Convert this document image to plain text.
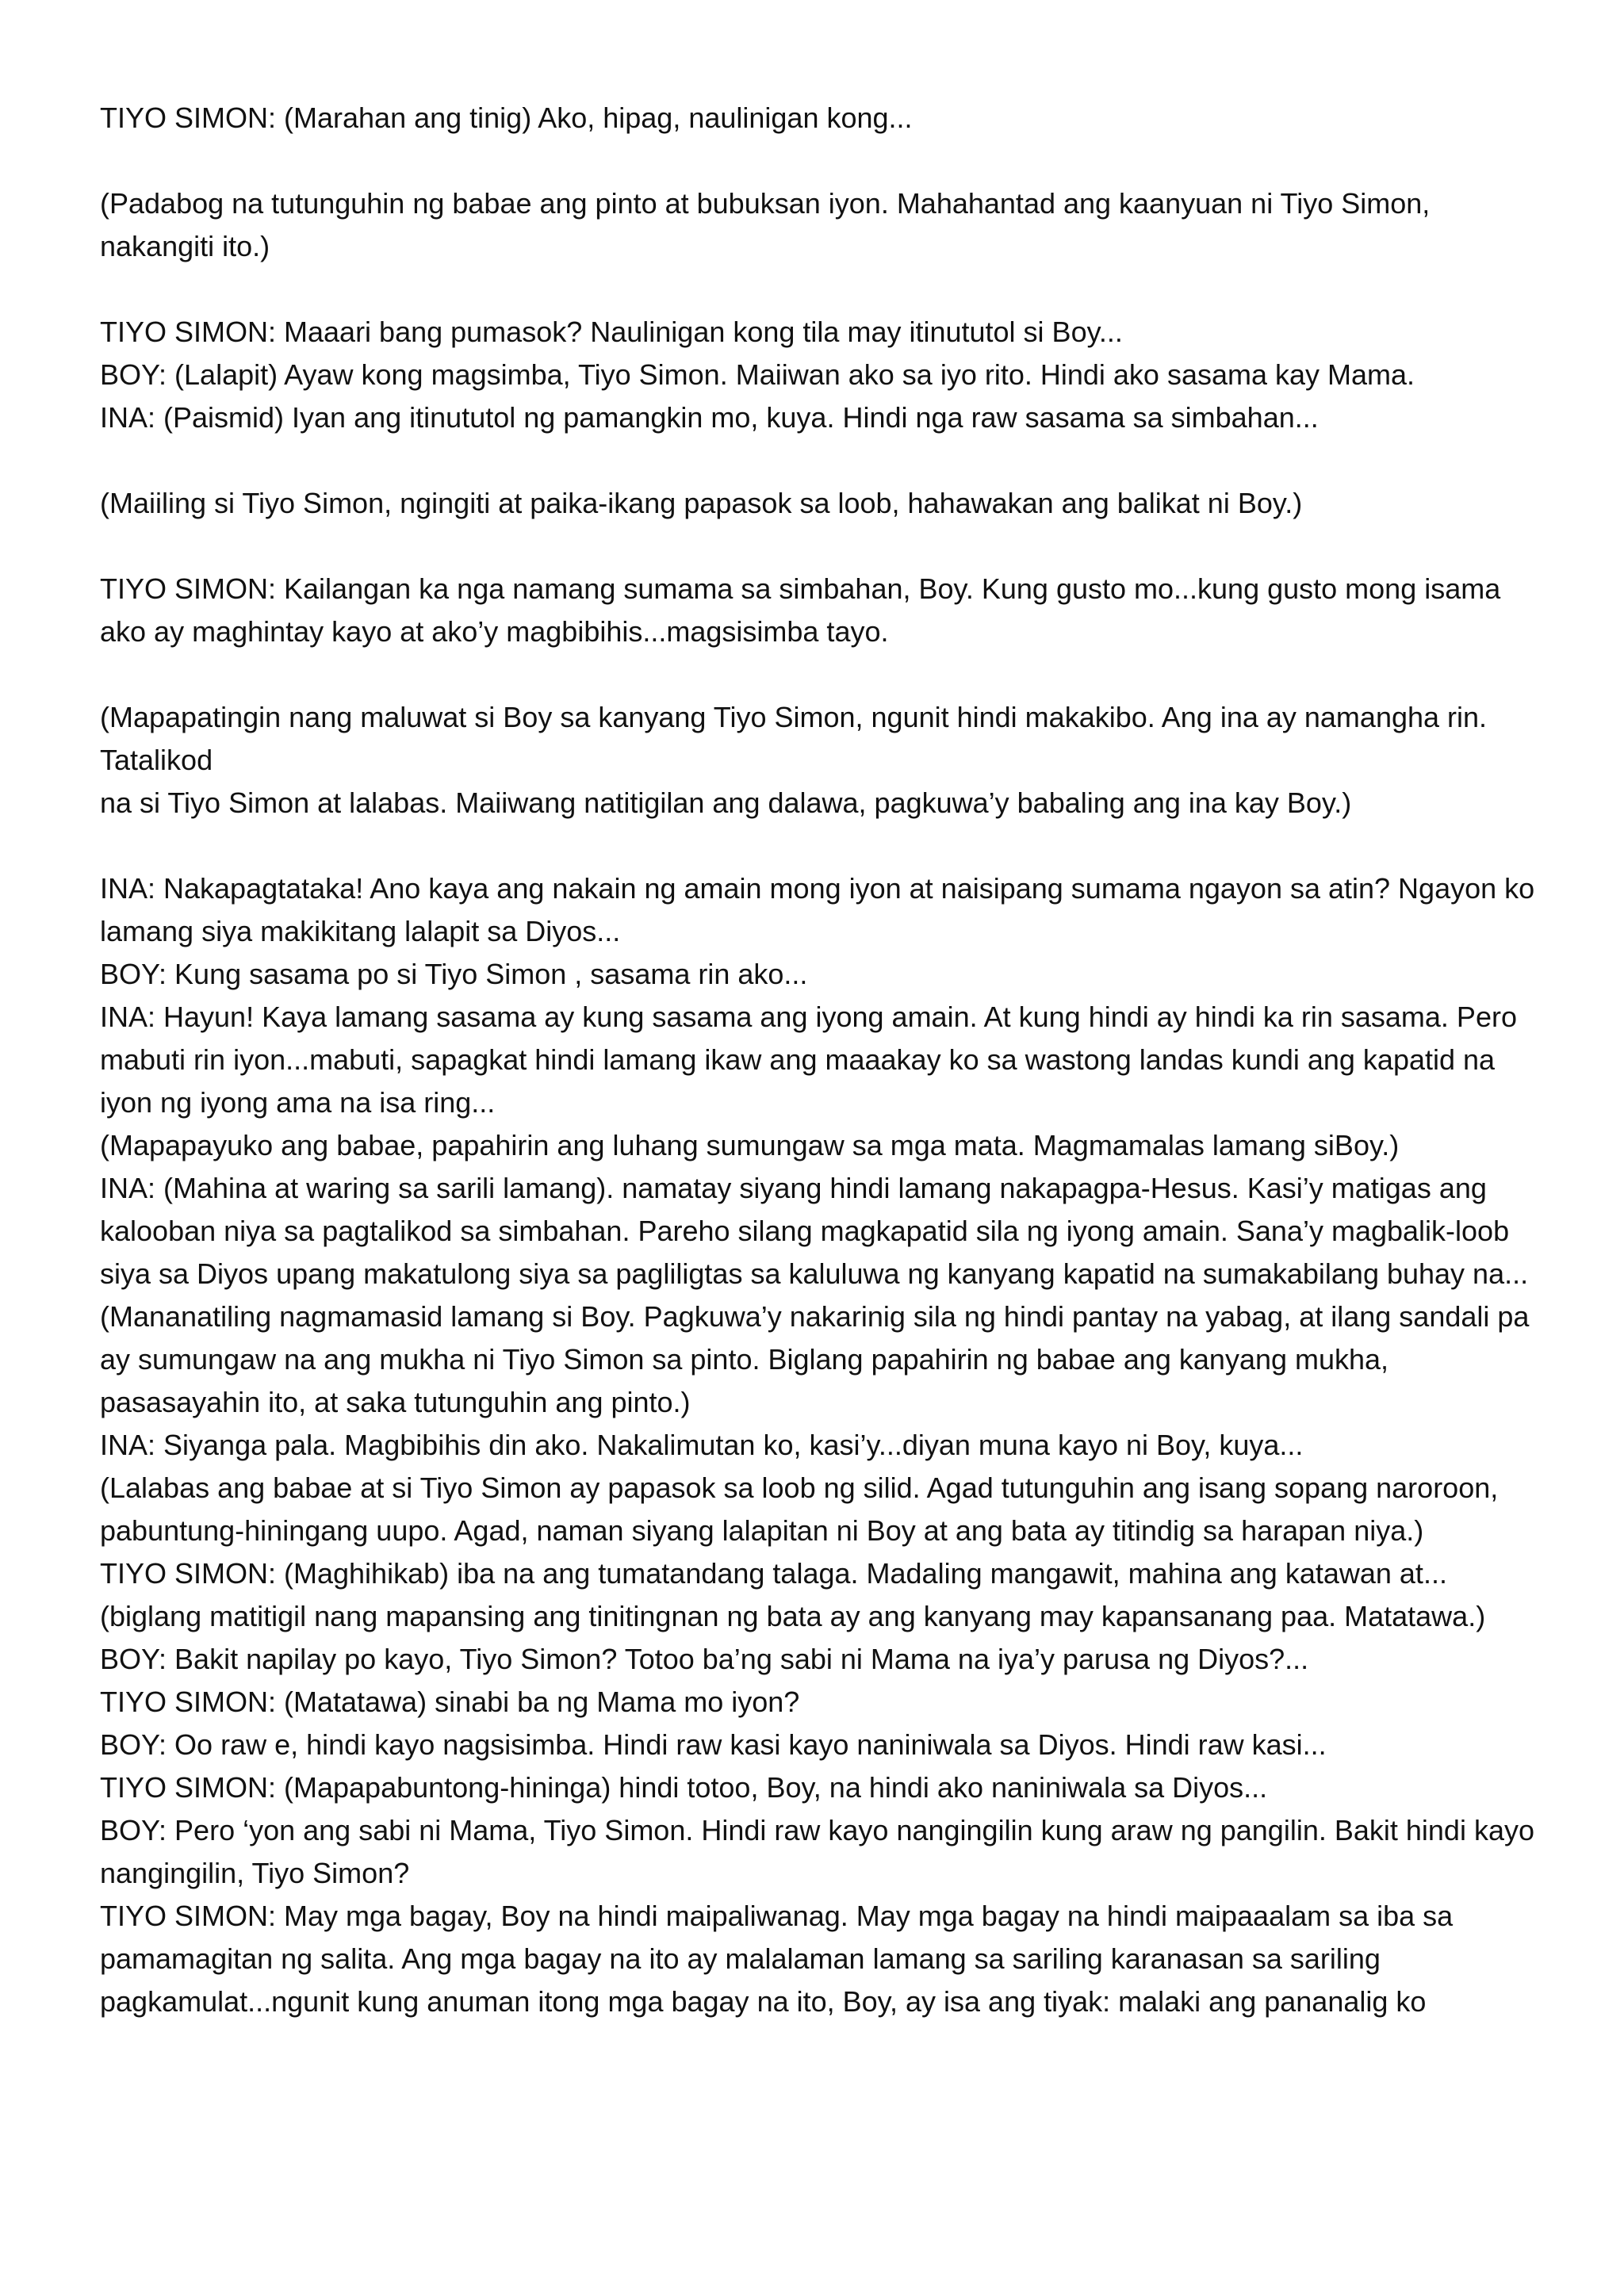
TIYO SIMON: (Marahan ang tinig) Ako, hipag, naulinigan kong...

(Padabog na tutunguhin ng babae ang pinto at bubuksan iyon. Mahahantad ang kaanyuan ni Tiyo Simon, nakangiti ito.)

TIYO SIMON: Maaari bang pumasok? Naulinigan kong tila may itinututol si Boy...

BOY: (Lalapit) Ayaw kong magsimba, Tiyo Simon. Maiiwan ako sa iyo rito. Hindi ako sasama kay Mama.

INA: (Paismid) Iyan ang itinututol ng pamangkin mo, kuya. Hindi nga raw sasama sa simbahan...

(Maiiling si Tiyo Simon, ngingiti at paika-ikang papasok sa loob, hahawakan ang balikat ni Boy.)

TIYO SIMON: Kailangan ka nga namang sumama sa simbahan, Boy. Kung gusto mo...kung gusto mong isama ako ay maghintay kayo at ako’y magbibihis...magsisimba tayo.

(Mapapatingin nang maluwat si Boy sa kanyang Tiyo Simon, ngunit hindi makakibo. Ang ina ay namangha rin. Tatalikod

na si Tiyo Simon at lalabas. Maiiwang natitigilan ang dalawa, pagkuwa’y babaling ang ina kay Boy.)

INA: Nakapagtataka! Ano kaya ang nakain ng amain mong iyon at naisipang sumama ngayon sa atin? Ngayon ko lamang siya makikitang lalapit sa Diyos...

BOY: Kung sasama po si Tiyo Simon , sasama rin ako...

INA: Hayun! Kaya lamang sasama ay kung sasama ang iyong amain. At kung hindi ay hindi ka rin sasama. Pero mabuti rin iyon...mabuti, sapagkat hindi lamang ikaw ang maaakay ko sa wastong landas kundi ang kapatid na iyon ng iyong ama na isa ring...

(Mapapayuko ang babae, papahirin ang luhang sumungaw sa mga mata. Magmamalas lamang siBoy.)

INA: (Mahina at waring sa sarili lamang). namatay siyang hindi lamang nakapagpa-Hesus. Kasi’y matigas ang kalooban niya sa pagtalikod sa simbahan. Pareho silang magkapatid sila ng iyong amain. Sana’y magbalik-loob siya sa Diyos upang makatulong siya sa pagliligtas sa kaluluwa ng kanyang kapatid na sumakabilang buhay na...

(Mananatiling nagmamasid lamang si Boy. Pagkuwa’y nakarinig sila ng hindi pantay na yabag, at ilang sandali pa ay sumungaw na ang mukha ni Tiyo Simon sa pinto. Biglang papahirin ng babae ang kanyang mukha, pasasayahin ito, at saka tutunguhin ang pinto.)

INA: Siyanga pala. Magbibihis din ako. Nakalimutan ko, kasi’y...diyan muna kayo ni Boy, kuya...

(Lalabas ang babae at si Tiyo Simon ay papasok sa loob ng silid. Agad tutunguhin ang isang sopang naroroon, pabuntung-hiningang uupo. Agad, naman siyang lalapitan ni Boy at ang bata ay titindig sa harapan niya.)

TIYO SIMON: (Maghihikab) iba na ang tumatandang talaga. Madaling mangawit, mahina ang katawan at...(biglang matitigil nang mapansing ang tinitingnan ng bata ay ang kanyang may kapansanang paa. Matatawa.)

BOY: Bakit napilay po kayo, Tiyo Simon? Totoo ba’ng sabi ni Mama na iya’y parusa ng Diyos?...

TIYO SIMON: (Matatawa) sinabi ba ng Mama mo iyon?

BOY: Oo raw e, hindi kayo nagsisimba. Hindi raw kasi kayo naniniwala sa Diyos. Hindi raw kasi...

TIYO SIMON: (Mapapabuntong-hininga) hindi totoo, Boy, na hindi ako naniniwala sa Diyos...

BOY: Pero ‘yon ang sabi ni Mama, Tiyo Simon. Hindi raw kayo nangingilin kung araw ng pangilin. Bakit hindi kayo nangingilin, Tiyo Simon?

TIYO SIMON: May mga bagay, Boy na hindi maipaliwanag. May mga bagay na hindi maipaaalam sa iba sa pamamagitan ng salita. Ang mga bagay na ito ay malalaman lamang sa sariling karanasan sa sariling pagkamulat...ngunit kung anuman itong mga bagay na ito, Boy, ay isa ang tiyak: malaki ang pananalig ko
